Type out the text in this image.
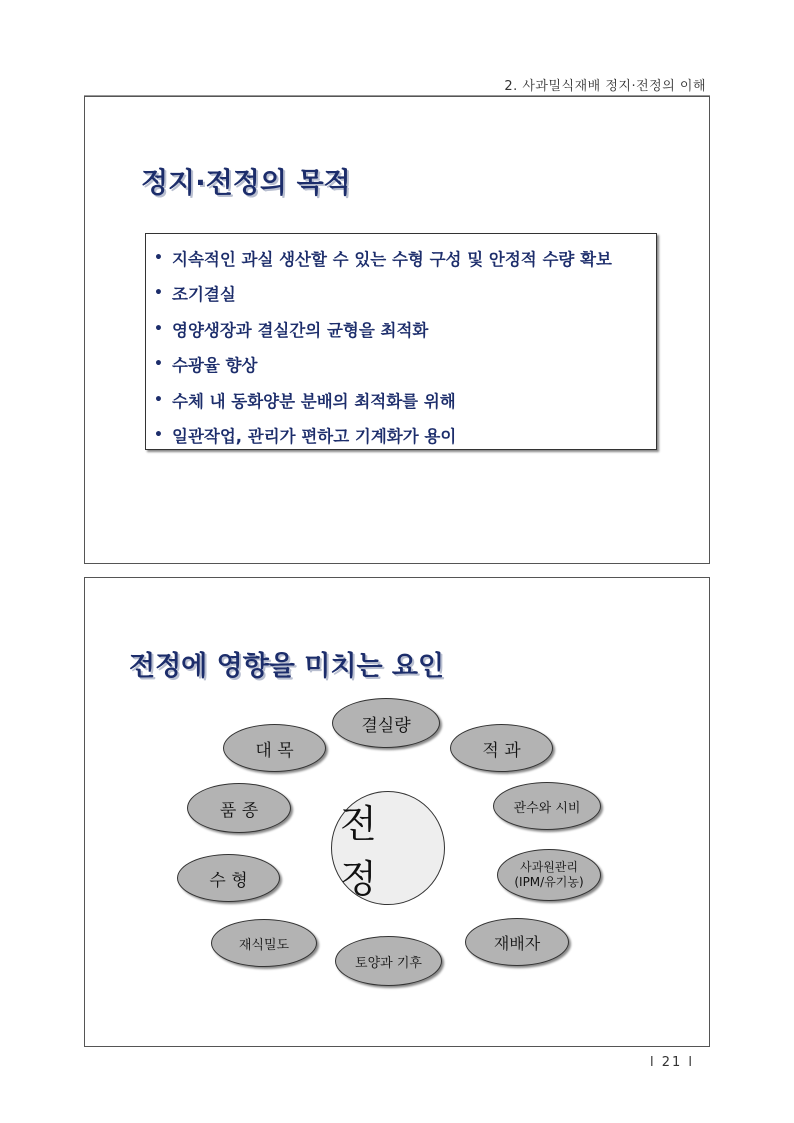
2. 사과밀식재배 정지·전정의 이해
정지·전정의 목적
• 지속적인 과실 생산할 수 있는 수형 구성 및 안정적 수량 확보
• 조기결실
• 영양생장과 결실간의 균형을 최적화
• 수광율 향상
• 수체 내 동화양분 분배의 최적화를 위해
• 일관작업, 관리가 편하고 기계화가 용이
전정에 영향을 미치는 요인
전 정
결실량
대 목	적 과
품 종	관수와 시비
수 형
사과원관리
(IPM/유기농)
재식밀도	재배자
토양과 기후
l 21 l
